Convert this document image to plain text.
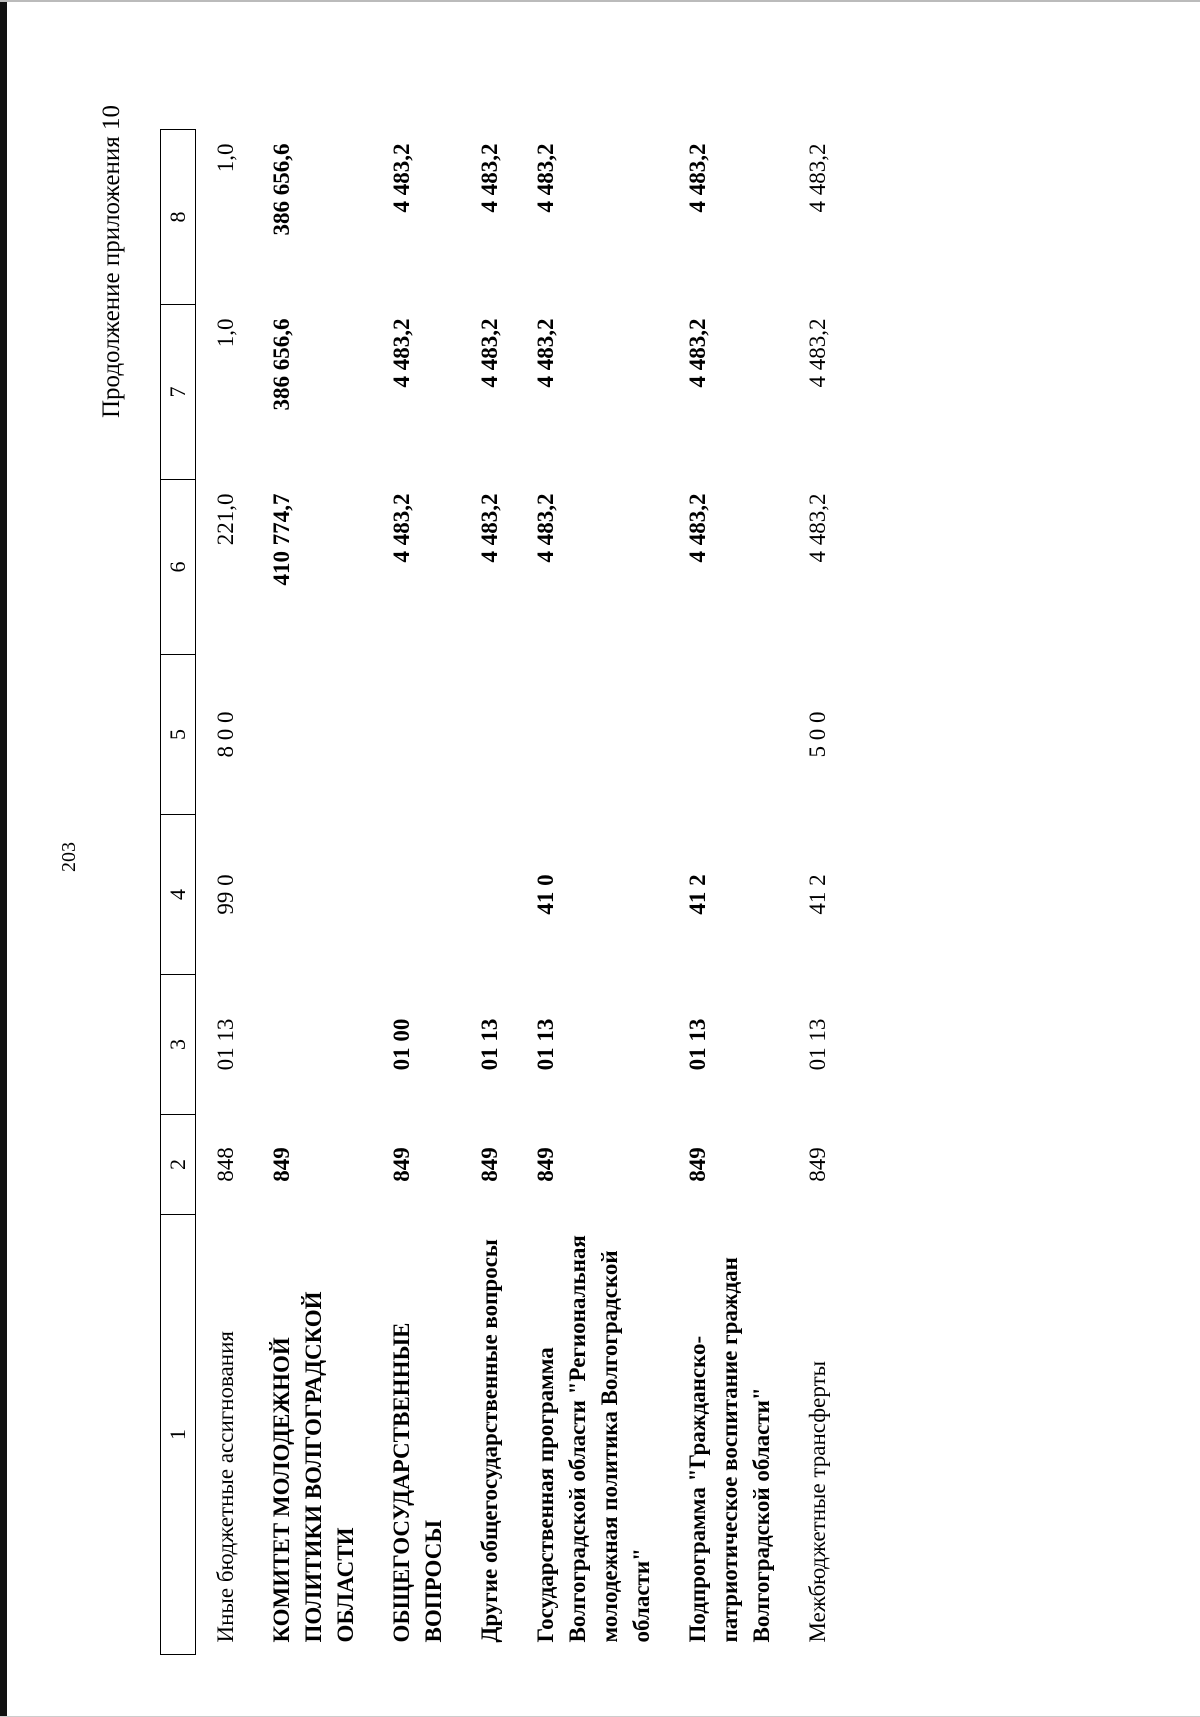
203
Продолжение приложения 10
1	2	3	4	5	6	7	8
Иные бюджетные ассигнования	848	01 13	99 0	8 0 0	221,0	1,0	1,0
КОМИТЕТ МОЛОДЕЖНОЙ ПОЛИТИКИ ВОЛГОГРАДСКОЙ ОБЛАСТИ	849				410 774,7	386 656,6	386 656,6
ОБЩЕГОСУДАРСТВЕННЫЕ ВОПРОСЫ	849	01 00			4 483,2	4 483,2	4 483,2
Другие общегосударственные вопросы	849	01 13			4 483,2	4 483,2	4 483,2
Государственная программа Волгоградской области "Региональная молодежная политика Волгоградской области"	849	01 13	41 0		4 483,2	4 483,2	4 483,2
Подпрограмма "Гражданско-патриотическое воспитание граждан Волгоградской области"	849	01 13	41 2		4 483,2	4 483,2	4 483,2
Межбюджетные трансферты	849	01 13	41 2	5 0 0	4 483,2	4 483,2	4 483,2
